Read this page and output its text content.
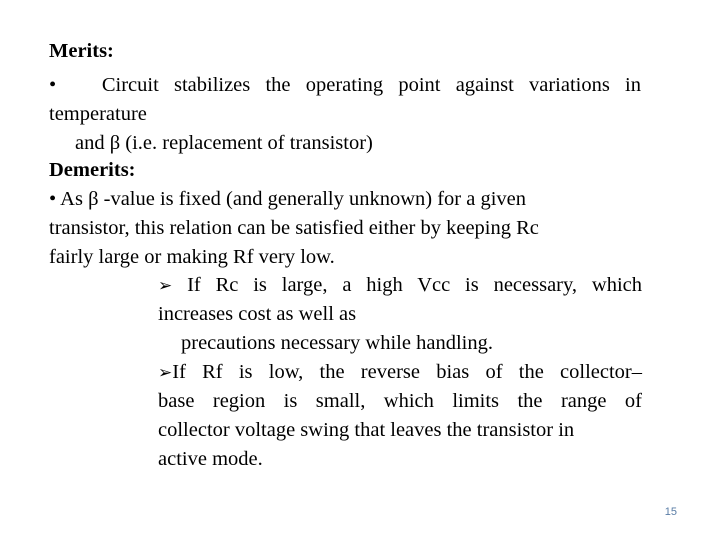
Merits:
• Circuit stabilizes the operating point against variations in
temperature
and β (i.e. replacement of transistor)
Demerits:
• As β -value is fixed (and generally unknown) for a given
transistor, this relation can be satisfied either by keeping Rc
fairly large or making Rf very low.
➢ If Rc is large, a high Vcc is necessary, which
increases cost as well as
precautions necessary while handling.
➢If Rf is low, the reverse bias of the collector–
base region is small, which limits the range of
collector voltage swing that leaves the transistor in
active mode.
15
